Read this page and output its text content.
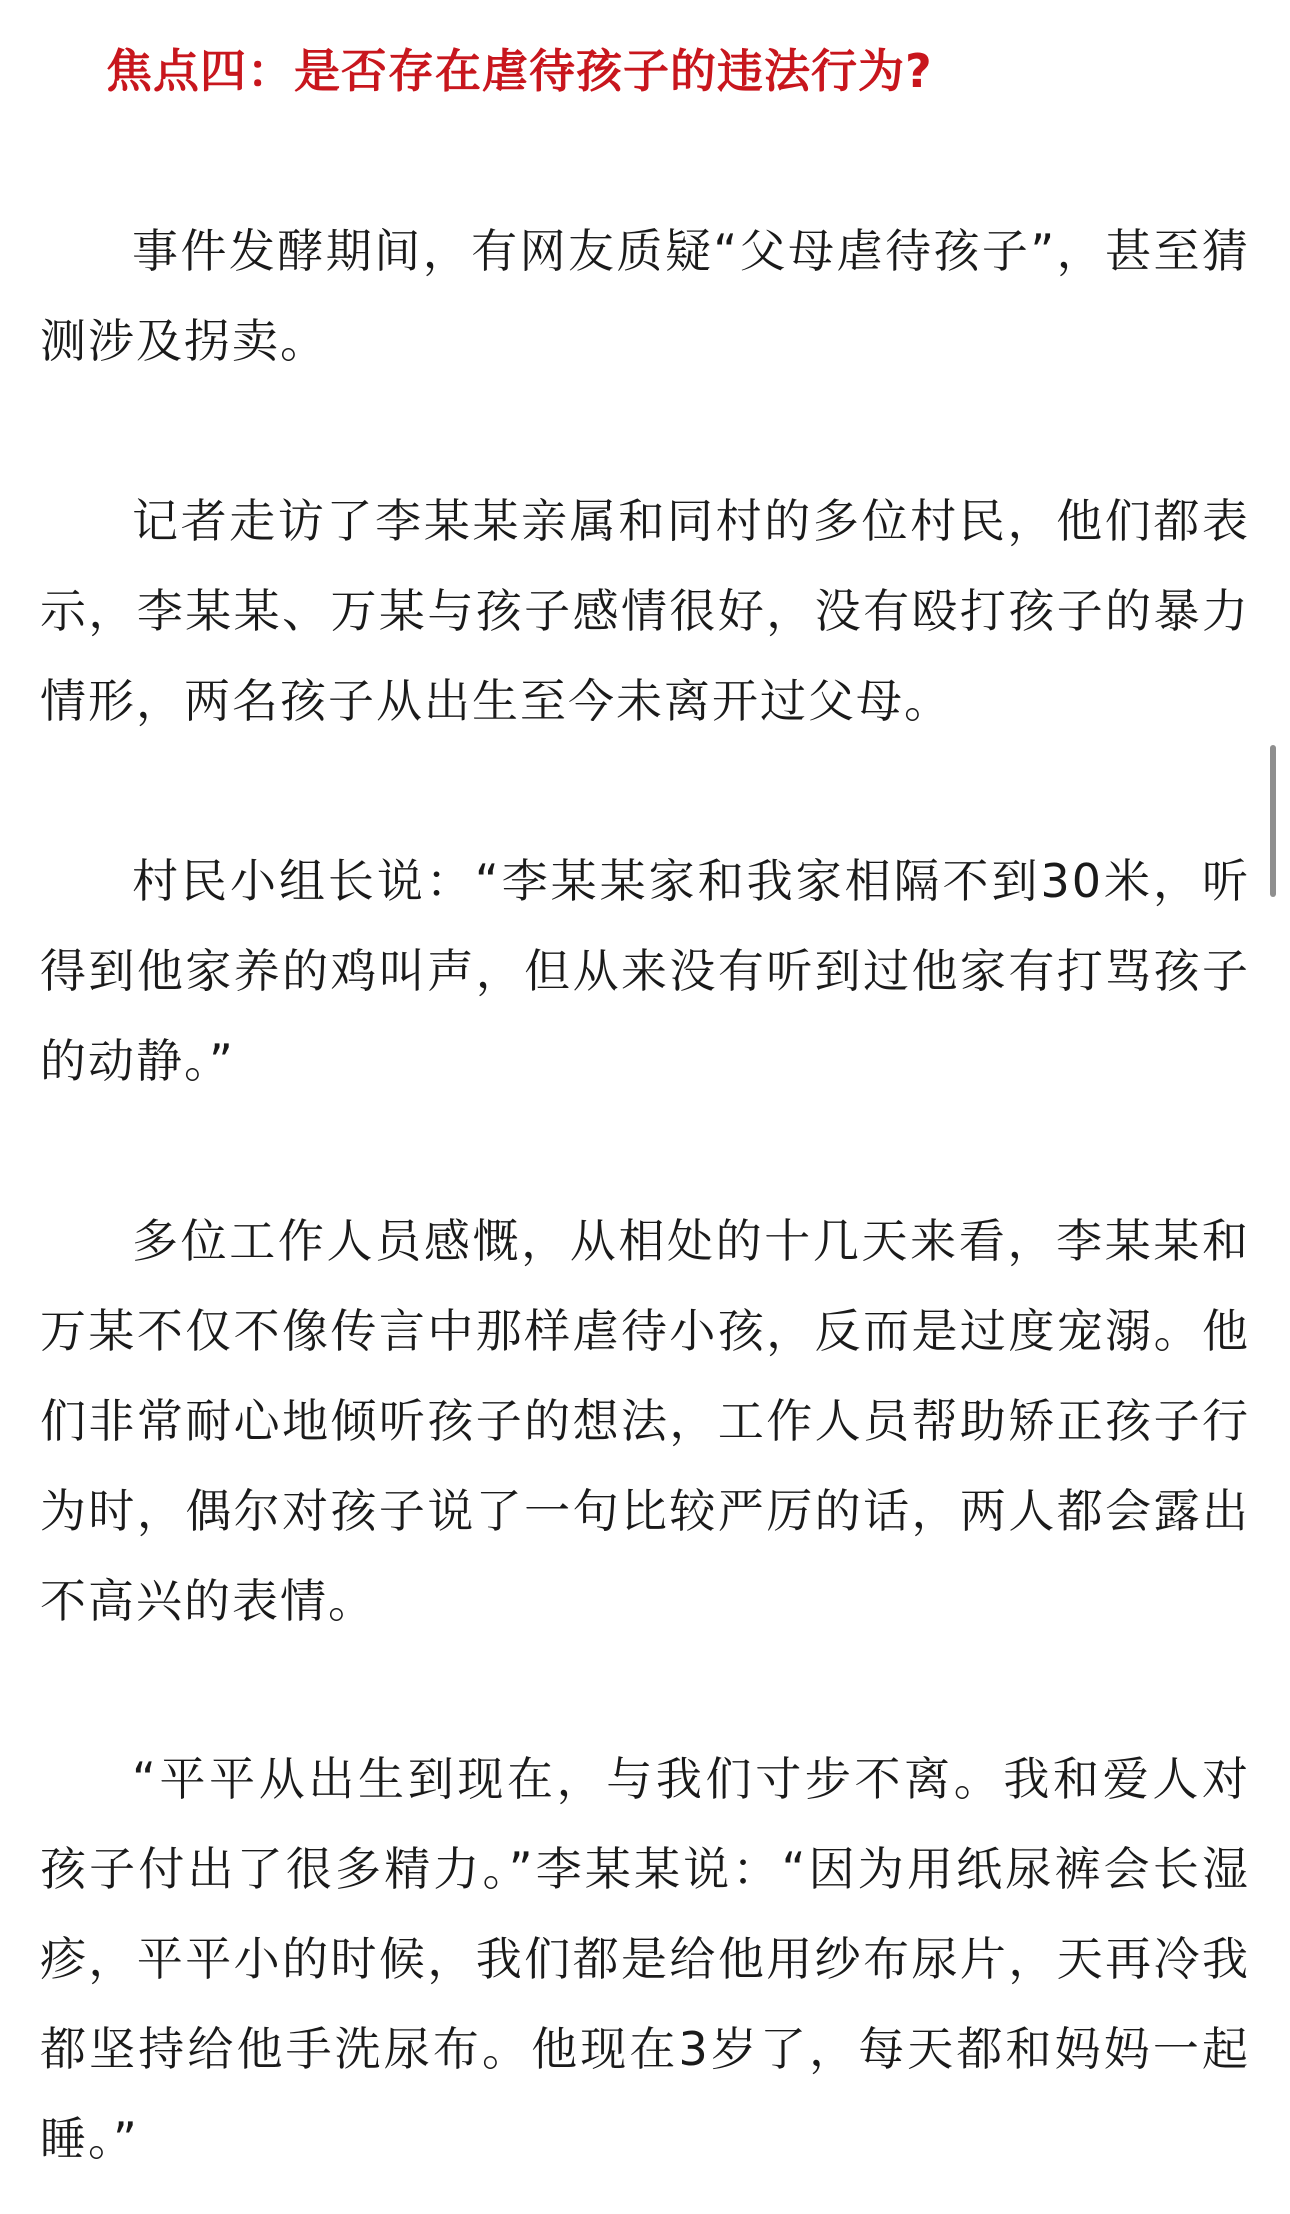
焦点四：是否存在虐待孩子的违法行为?

事件发酵期间，有网友质疑“父母虐待孩子”，甚至猜测涉及拐卖。

记者走访了李某某亲属和同村的多位村民，他们都表示，李某某、万某与孩子感情很好，没有殴打孩子的暴力情形，两名孩子从出生至今未离开过父母。

村民小组长说：“李某某家和我家相隔不到30米，听得到他家养的鸡叫声，但从来没有听到过他家有打骂孩子的动静。”

多位工作人员感慨，从相处的十几天来看，李某某和万某不仅不像传言中那样虐待小孩，反而是过度宠溺。他们非常耐心地倾听孩子的想法，工作人员帮助矫正孩子行为时，偶尔对孩子说了一句比较严厉的话，两人都会露出不高兴的表情。

“平平从出生到现在，与我们寸步不离。我和爱人对孩子付出了很多精力。”李某某说：“因为用纸尿裤会长湿疹，平平小的时候，我们都是给他用纱布尿片，天再冷我都坚持给他手洗尿布。他现在3岁了，每天都和妈妈一起睡。”
